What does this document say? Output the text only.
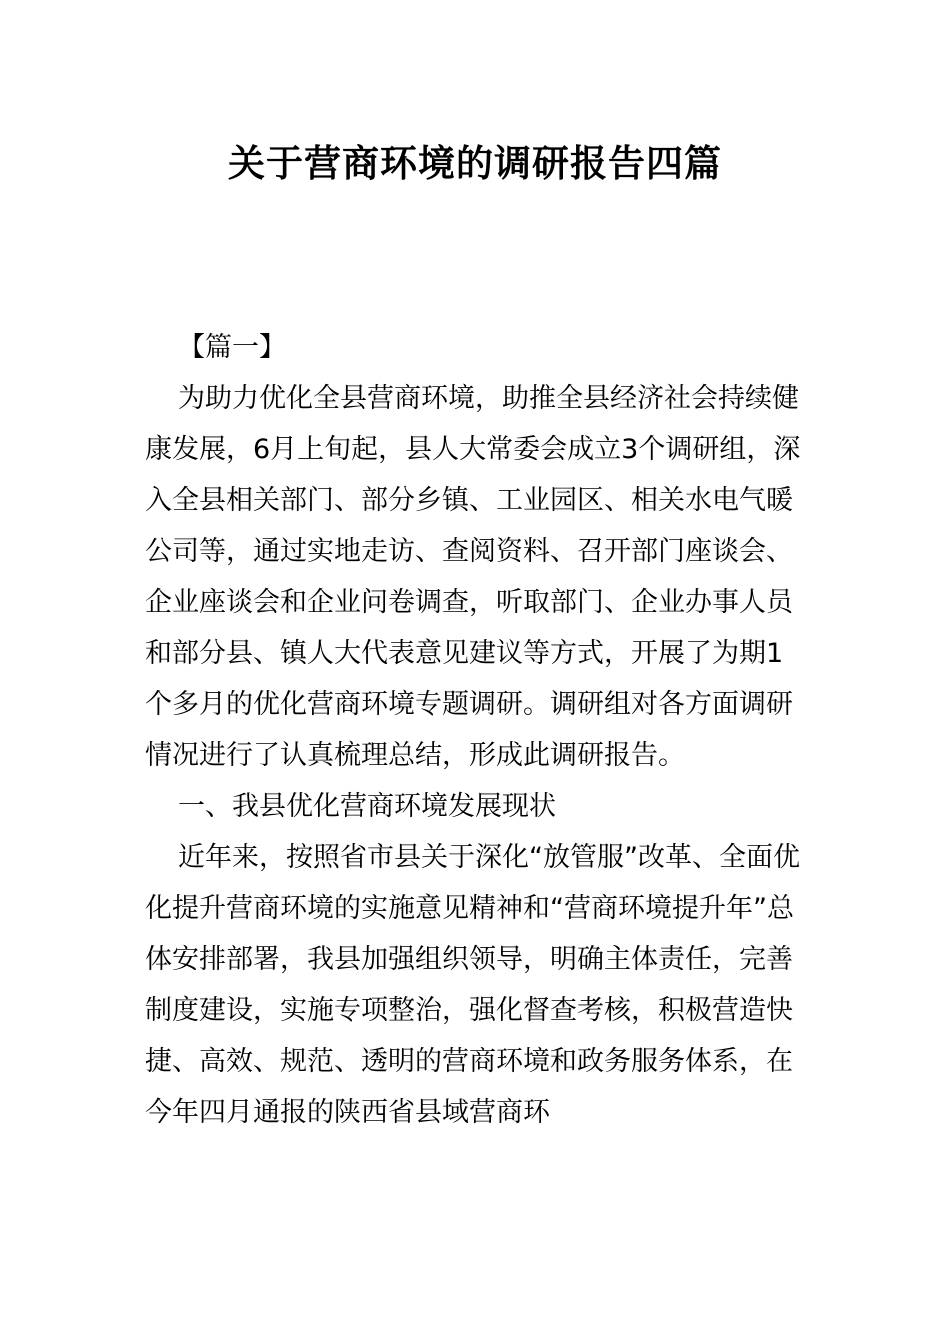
关于营商环境的调研报告四篇

【篇一】

为助力优化全县营商环境，助推全县经济社会持续健康发展，6月上旬起，县人大常委会成立3个调研组，深入全县相关部门、部分乡镇、工业园区、相关水电气暖公司等，通过实地走访、查阅资料、召开部门座谈会、企业座谈会和企业问卷调查，听取部门、企业办事人员和部分县、镇人大代表意见建议等方式，开展了为期1个多月的优化营商环境专题调研。调研组对各方面调研情况进行了认真梳理总结，形成此调研报告。

一、我县优化营商环境发展现状

近年来，按照省市县关于深化“放管服”改革、全面优化提升营商环境的实施意见精神和“营商环境提升年”总体安排部署，我县加强组织领导，明确主体责任，完善制度建设，实施专项整治，强化督查考核，积极营造快捷、高效、规范、透明的营商环境和政务服务体系，在今年四月通报的陕西省县域营商环
